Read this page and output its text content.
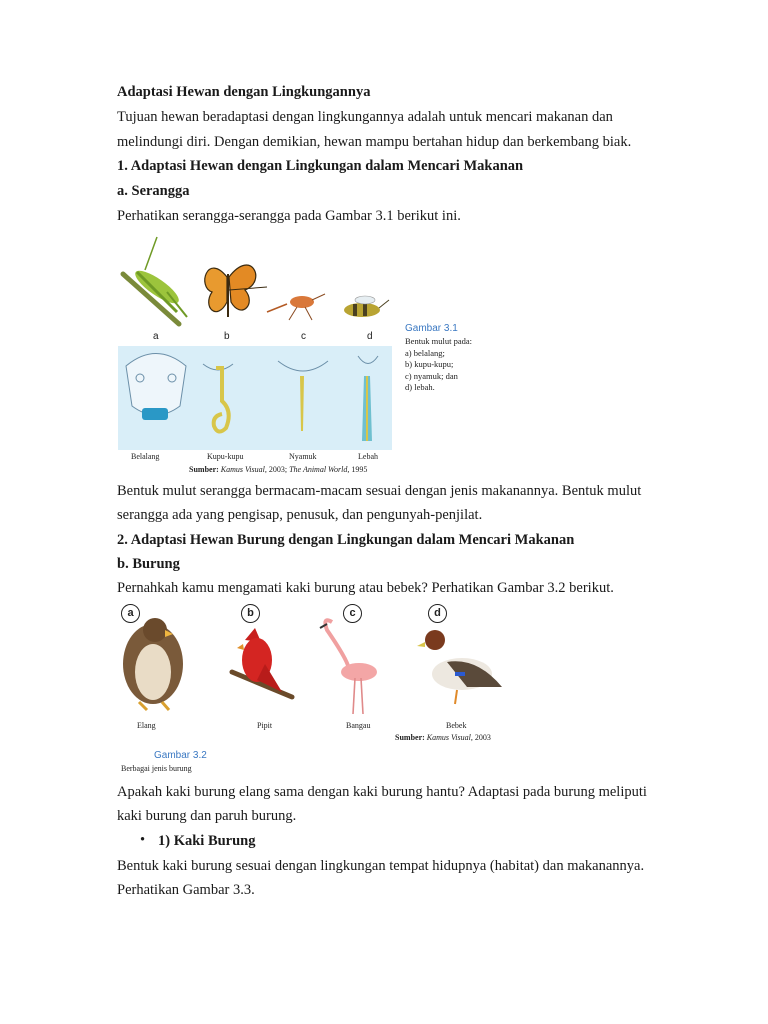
Adaptasi Hewan dengan Lingkungannya
Tujuan hewan beradaptasi dengan lingkungannya adalah untuk mencari makanan dan
melindungi diri. Dengan demikian, hewan mampu bertahan hidup dan berkembang biak.
1. Adaptasi Hewan dengan Lingkungan dalam Mencari Makanan
a. Serangga
Perhatikan serangga-serangga pada Gambar 3.1 berikut ini.
a	b	c	d
Belalang	Kupu-kupu	Nyamuk	Lebah
Sumber: Kamus Visual, 2003; The Animal World, 1995
Gambar 3.1
Bentuk mulut pada:
a) belalang;
b) kupu-kupu;
c) nyamuk; dan
d) lebah.
Bentuk mulut serangga bermacam-macam sesuai dengan jenis makanannya. Bentuk mulut
serangga ada yang pengisap, penusuk, dan pengunyah-penjilat.
2. Adaptasi Hewan Burung dengan Lingkungan dalam Mencari Makanan
b. Burung
Pernahkah kamu mengamati kaki burung atau bebek? Perhatikan Gambar 3.2 berikut.
a	b	c	d
Elang	Pipit	Bangau	Bebek
Sumber: Kamus Visual, 2003
Gambar 3.2
Berbagai jenis burung
Apakah kaki burung elang sama dengan kaki burung hantu? Adaptasi pada burung meliputi
kaki burung dan paruh burung.
• 1) Kaki Burung
Bentuk kaki burung sesuai dengan lingkungan tempat hidupnya (habitat) dan makanannya.
Perhatikan Gambar 3.3.
